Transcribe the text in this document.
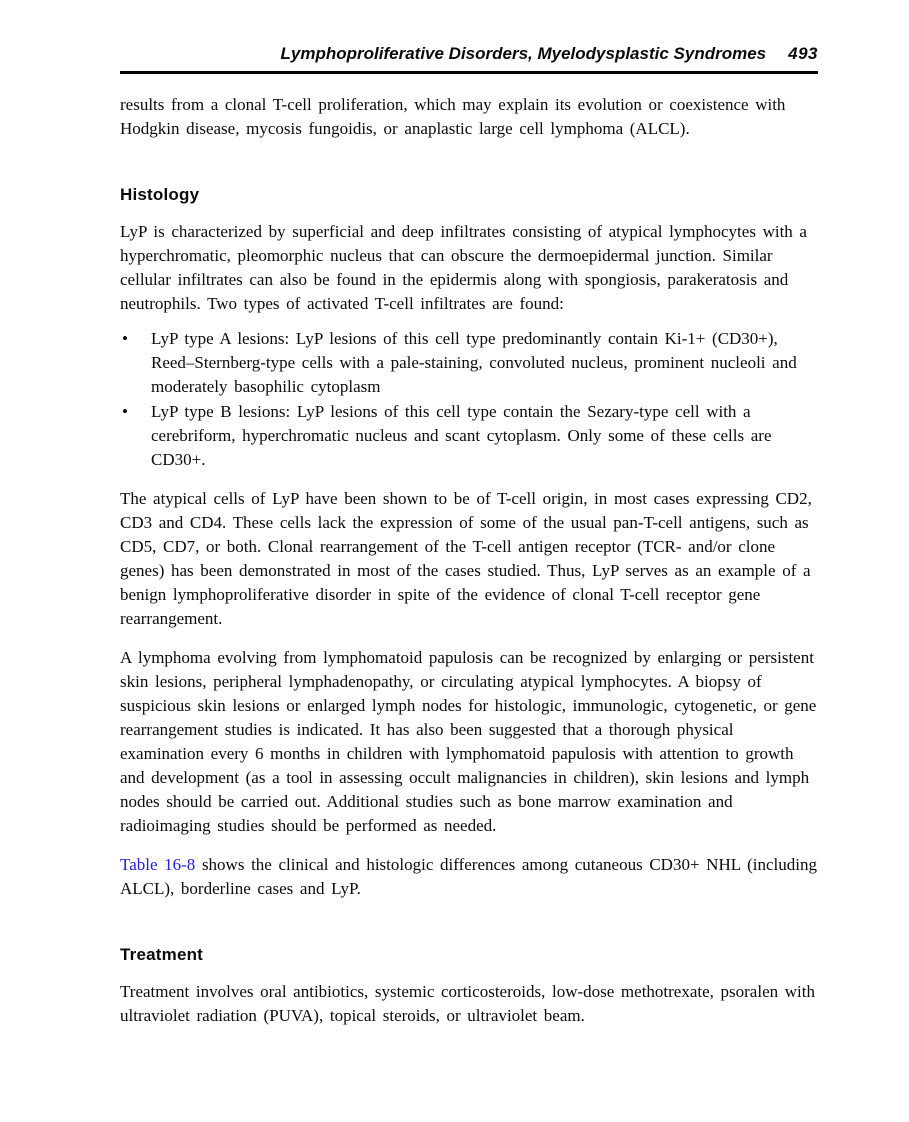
Lymphoproliferative Disorders, Myelodysplastic Syndromes 493

results from a clonal T-cell proliferation, which may explain its evolution or coexistence with Hodgkin disease, mycosis fungoidis, or anaplastic large cell lymphoma (ALCL).

Histology

LyP is characterized by superficial and deep infiltrates consisting of atypical lymphocytes with a hyperchromatic, pleomorphic nucleus that can obscure the dermoepidermal junction. Similar cellular infiltrates can also be found in the epidermis along with spongiosis, parakeratosis and neutrophils. Two types of activated T-cell infiltrates are found:

• LyP type A lesions: LyP lesions of this cell type predominantly contain Ki-1+ (CD30+), Reed–Sternberg-type cells with a pale-staining, convoluted nucleus, prominent nucleoli and moderately basophilic cytoplasm
• LyP type B lesions: LyP lesions of this cell type contain the Sezary-type cell with a cerebriform, hyperchromatic nucleus and scant cytoplasm. Only some of these cells are CD30+.

The atypical cells of LyP have been shown to be of T-cell origin, in most cases expressing CD2, CD3 and CD4. These cells lack the expression of some of the usual pan-T-cell antigens, such as CD5, CD7, or both. Clonal rearrangement of the T-cell antigen receptor (TCR- and/or clone genes) has been demonstrated in most of the cases studied. Thus, LyP serves as an example of a benign lymphoproliferative disorder in spite of the evidence of clonal T-cell receptor gene rearrangement.

A lymphoma evolving from lymphomatoid papulosis can be recognized by enlarging or persistent skin lesions, peripheral lymphadenopathy, or circulating atypical lymphocytes. A biopsy of suspicious skin lesions or enlarged lymph nodes for histologic, immunologic, cytogenetic, or gene rearrangement studies is indicated. It has also been suggested that a thorough physical examination every 6 months in children with lymphomatoid papulosis with attention to growth and development (as a tool in assessing occult malignancies in children), skin lesions and lymph nodes should be carried out. Additional studies such as bone marrow examination and radioimaging studies should be performed as needed.

Table 16-8 shows the clinical and histologic differences among cutaneous CD30+ NHL (including ALCL), borderline cases and LyP.

Treatment

Treatment involves oral antibiotics, systemic corticosteroids, low-dose methotrexate, psoralen with ultraviolet radiation (PUVA), topical steroids, or ultraviolet beam.
